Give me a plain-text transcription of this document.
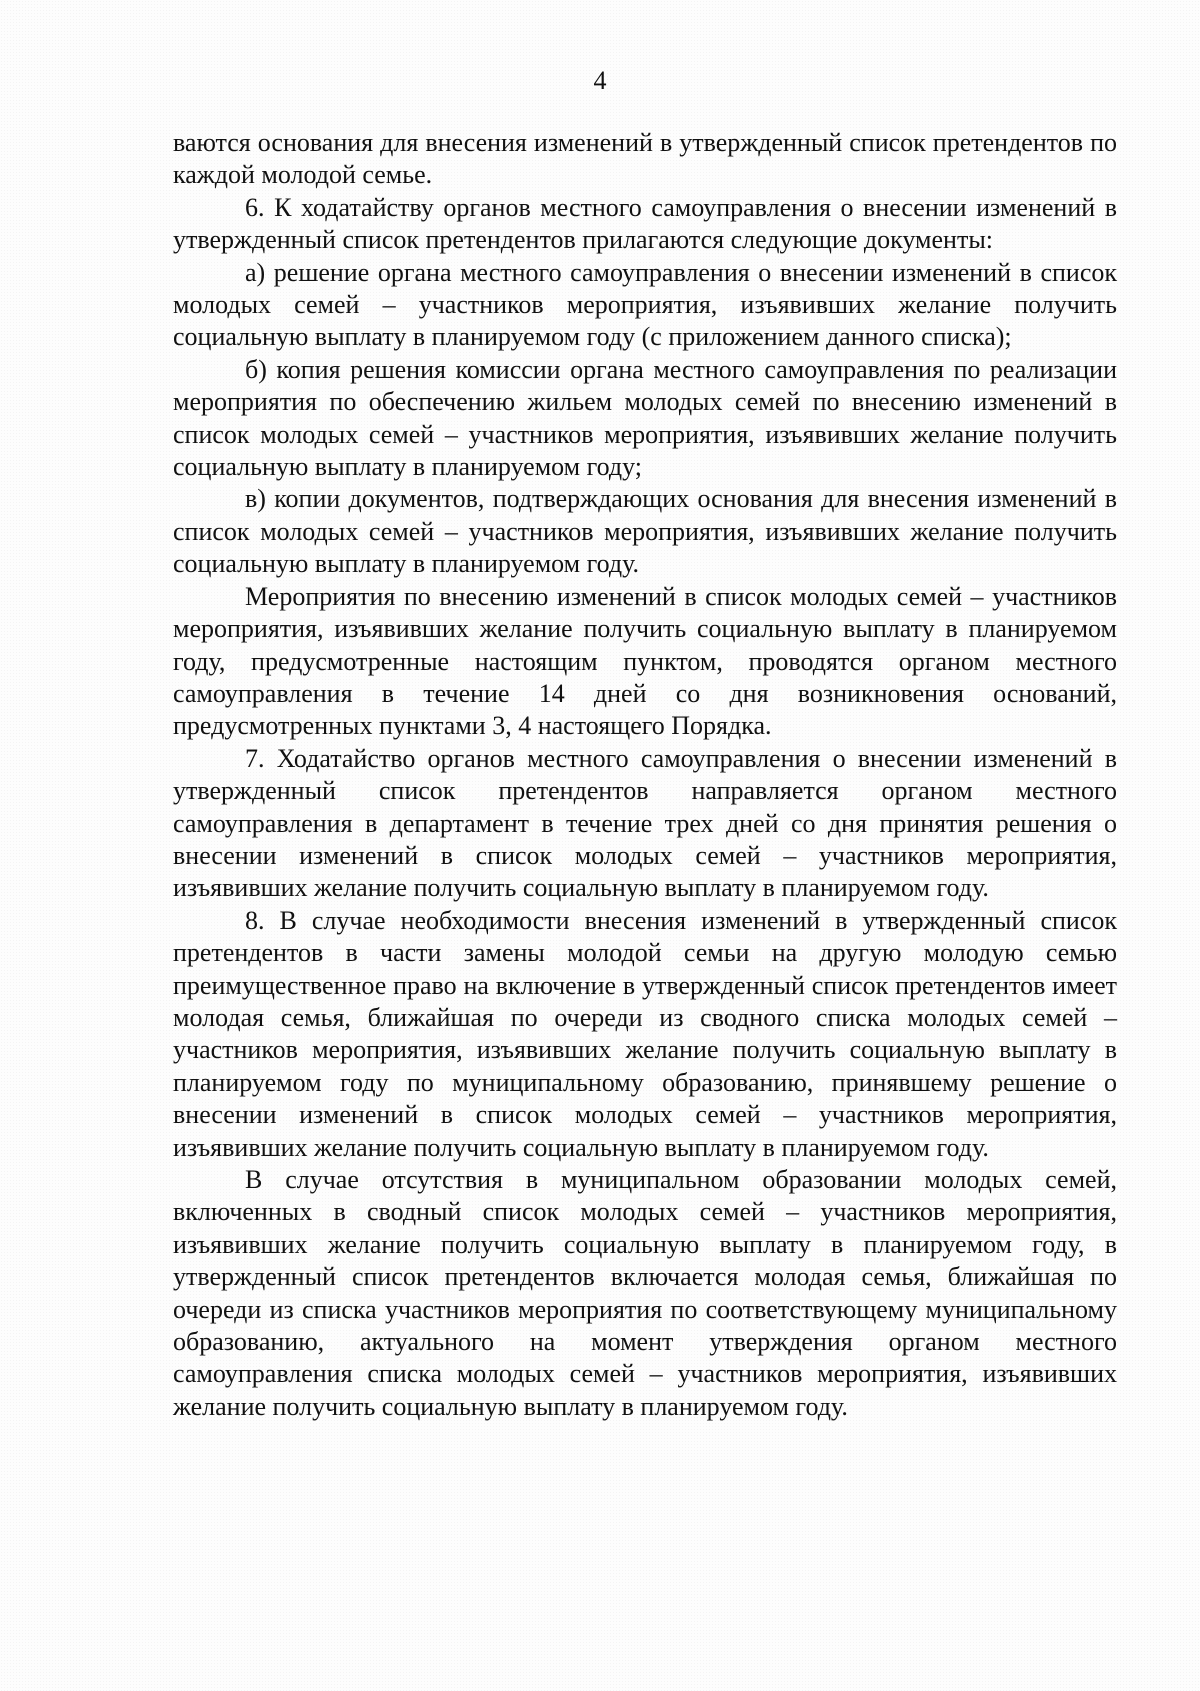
4

ваются основания для внесения изменений в утвержденный список претендентов по каждой молодой семье.

6. К ходатайству органов местного самоуправления о внесении изменений в утвержденный список претендентов прилагаются следующие документы:

а) решение органа местного самоуправления о внесении изменений в список молодых семей – участников мероприятия, изъявивших желание получить социальную выплату в планируемом году (с приложением данного списка);

б) копия решения комиссии органа местного самоуправления по реализации мероприятия по обеспечению жильем молодых семей по внесению изменений в список молодых семей – участников мероприятия, изъявивших желание получить социальную выплату в планируемом году;

в) копии документов, подтверждающих основания для внесения изменений в список молодых семей – участников мероприятия, изъявивших желание получить социальную выплату в планируемом году.

Мероприятия по внесению изменений в список молодых семей – участников мероприятия, изъявивших желание получить социальную выплату в планируемом году, предусмотренные настоящим пунктом, проводятся органом местного самоуправления в течение 14 дней со дня возникновения оснований, предусмотренных пунктами 3, 4 настоящего Порядка.

7. Ходатайство органов местного самоуправления о внесении изменений в утвержденный список претендентов направляется органом местного самоуправления в департамент в течение трех дней со дня принятия решения о внесении изменений в список молодых семей – участников мероприятия, изъявивших желание получить социальную выплату в планируемом году.

8. В случае необходимости внесения изменений в утвержденный список претендентов в части замены молодой семьи на другую молодую семью преимущественное право на включение в утвержденный список претендентов имеет молодая семья, ближайшая по очереди из сводного списка молодых семей – участников мероприятия, изъявивших желание получить социальную выплату в планируемом году по муниципальному образованию, принявшему решение о внесении изменений в список молодых семей – участников мероприятия, изъявивших желание получить социальную выплату в планируемом году.

В случае отсутствия в муниципальном образовании молодых семей, включенных в сводный список молодых семей – участников мероприятия, изъявивших желание получить социальную выплату в планируемом году, в утвержденный список претендентов включается молодая семья, ближайшая по очереди из списка участников мероприятия по соответствующему муниципальному образованию, актуального на момент утверждения органом местного самоуправления списка молодых семей – участников мероприятия, изъявивших желание получить социальную выплату в планируемом году.
